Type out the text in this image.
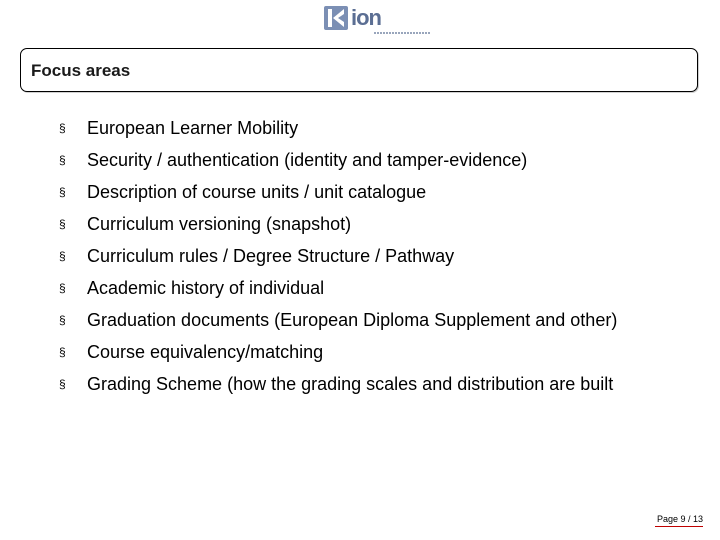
ion
Focus areas
§	European Learner Mobility
§	Security / authentication (identity and tamper-evidence)
§	Description of course units / unit catalogue
§	Curriculum versioning (snapshot)
§	Curriculum rules / Degree Structure / Pathway
§	Academic history of individual
§	Graduation documents (European Diploma Supplement and other)
§	Course equivalency/matching
§	Grading Scheme (how the grading scales and distribution are built
Page 9 / 13
